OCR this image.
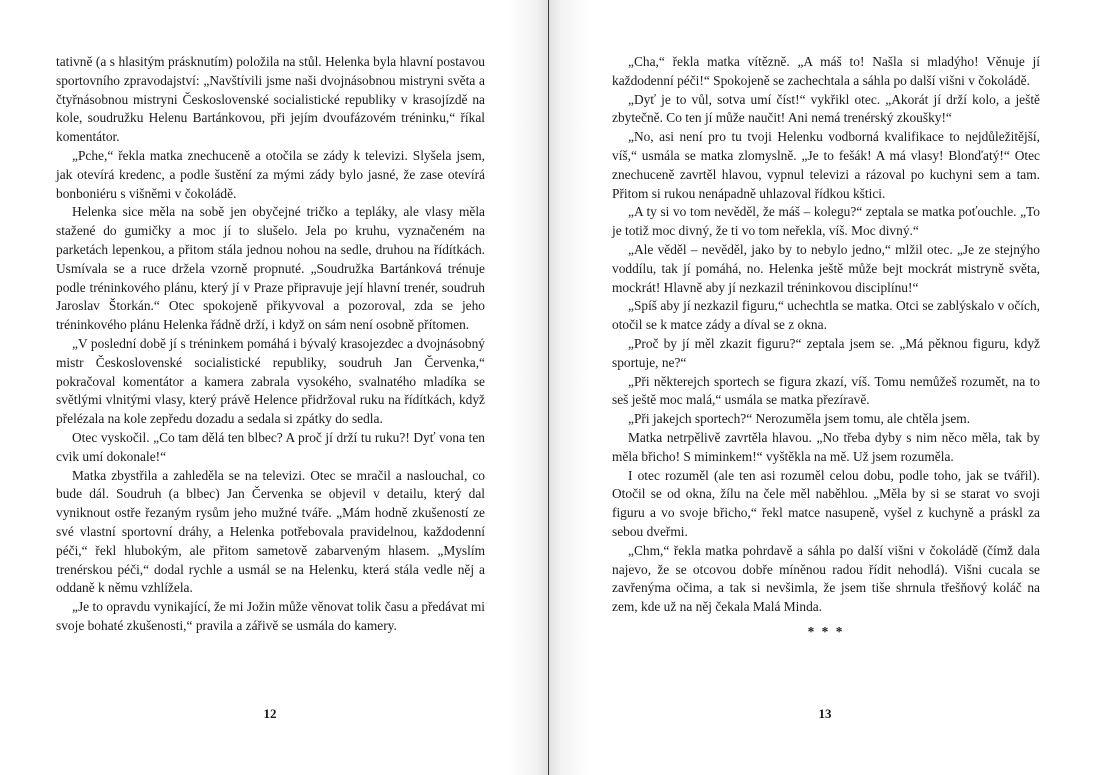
tativně (a s hlasitým prásknutím) položila na stůl. Helenka byla hlavní postavou sportovního zpravodajství: „Navštívili jsme naši dvojnásobnou mistryni světa a čtyřnásobnou mistryni Československé socialistické republiky v krasojízdě na kole, soudružku Helenu Bartánkovou, při jejím dvoufázovém tréninku,“ říkal komentátor.

„Pche,“ řekla matka znechuceně a otočila se zády k televizi. Slyšela jsem, jak otevírá kredenc, a podle šustění za mými zády bylo jasné, že zase otevírá bonboniéru s višněmi v čokoládě.

Helenka sice měla na sobě jen obyčejné tričko a tepláky, ale vlasy měla stažené do gumičky a moc jí to slušelo. Jela po kruhu, vyznačeném na parketách lepenkou, a přitom stála jednou nohou na sedle, druhou na řídítkách. Usmívala se a ruce držela vzorně propnuté. „Soudružka Bartánková trénuje podle tréninkového plánu, který jí v Praze připravuje její hlavní trenér, soudruh Jaroslav Štorkán.“ Otec spokojeně přikyvoval a pozoroval, zda se jeho tréninkového plánu Helenka řádně drží, i když on sám není osobně přítomen.

„V poslední době jí s tréninkem pomáhá i bývalý krasojezdec a dvojnásobný mistr Československé socialistické republiky, soudruh Jan Červenka,“ pokračoval komentátor a kamera zabrala vysokého, svalnatého mladíka se světlými vlnitými vlasy, který právě Helence přidržoval ruku na řídítkách, když přelézala na kole zepředu dozadu a sedala si zpátky do sedla.

Otec vyskočil. „Co tam dělá ten blbec? A proč jí drží tu ruku?! Dyť vona ten cvik umí dokonale!“

Matka zbystřila a zahleděla se na televizi. Otec se mračil a naslouchal, co bude dál. Soudruh (a blbec) Jan Červenka se objevil v detailu, který dal vyniknout ostře řezaným rysům jeho mužné tváře. „Mám hodně zkušeností ze své vlastní sportovní dráhy, a Helenka potřebovala pravidelnou, každodenní péči,“ řekl hlubokým, ale přitom sametově zabarveným hlasem. „Myslím trenérskou péči,“ dodal rychle a usmál se na Helenku, která stála vedle něj a oddaně k němu vzhlížela.

„Je to opravdu vynikající, že mi Jožin může věnovat tolik času a předávat mi svoje bohaté zkušenosti,“ pravila a zářivě se usmála do kamery.

12

„Cha,“ řekla matka vítězně. „A máš to! Našla si mladýho! Věnuje jí každodenní péči!“ Spokojeně se zachechtala a sáhla po další višni v čokoládě.

„Dyť je to vůl, sotva umí číst!“ vykřikl otec. „Akorát jí drží kolo, a ještě zbytečně. Co ten jí může naučit! Ani nemá trenérský zkoušky!“

„No, asi není pro tu tvoji Helenku vodborná kvalifikace to nejdůležitější, víš,“ usmála se matka zlomyslně. „Je to fešák! A má vlasy! Blonďatý!“ Otec znechuceně zavrtěl hlavou, vypnul televizi a rázoval po kuchyni sem a tam. Přitom si rukou nenápadně uhlazoval řídkou kštici.

„A ty si vo tom nevěděl, že máš – kolegu?“ zeptala se matka poťouchle. „To je totiž moc divný, že ti vo tom neřekla, víš. Moc divný.“

„Ale věděl – nevěděl, jako by to nebylo jedno,“ mlžil otec. „Je ze stejnýho voddílu, tak jí pomáhá, no. Helenka ještě může bejt mockrát mistryně světa, mockrát! Hlavně aby jí nezkazil tréninkovou disciplínu!“

„Spíš aby jí nezkazil figuru,“ uchechtla se matka. Otci se zablýskalo v očích, otočil se k matce zády a díval se z okna.

„Proč by jí měl zkazit figuru?“ zeptala jsem se. „Má pěknou figuru, když sportuje, ne?“

„Při některejch sportech se figura zkazí, víš. Tomu nemůžeš rozumět, na to seš ještě moc malá,“ usmála se matka přezíravě.

„Při jakejch sportech?“ Nerozuměla jsem tomu, ale chtěla jsem.

Matka netrpělivě zavrtěla hlavou. „No třeba dyby s nim něco měla, tak by měla břicho! S miminkem!“ vyštěkla na mě. Už jsem rozuměla.

I otec rozuměl (ale ten asi rozuměl celou dobu, podle toho, jak se tvářil). Otočil se od okna, žílu na čele měl naběhlou. „Měla by si se starat vo svoji figuru a vo svoje břicho,“ řekl matce nasupeně, vyšel z kuchyně a práskl za sebou dveřmi.

„Chm,“ řekla matka pohrdavě a sáhla po další višni v čokoládě (čímž dala najevo, že se otcovou dobře míněnou radou řídit nehodlá). Višni cucala se zavřenýma očima, a tak si nevšimla, že jsem tiše shrnula třešňový koláč na zem, kde už na něj čekala Malá Minda.

* * *

13
